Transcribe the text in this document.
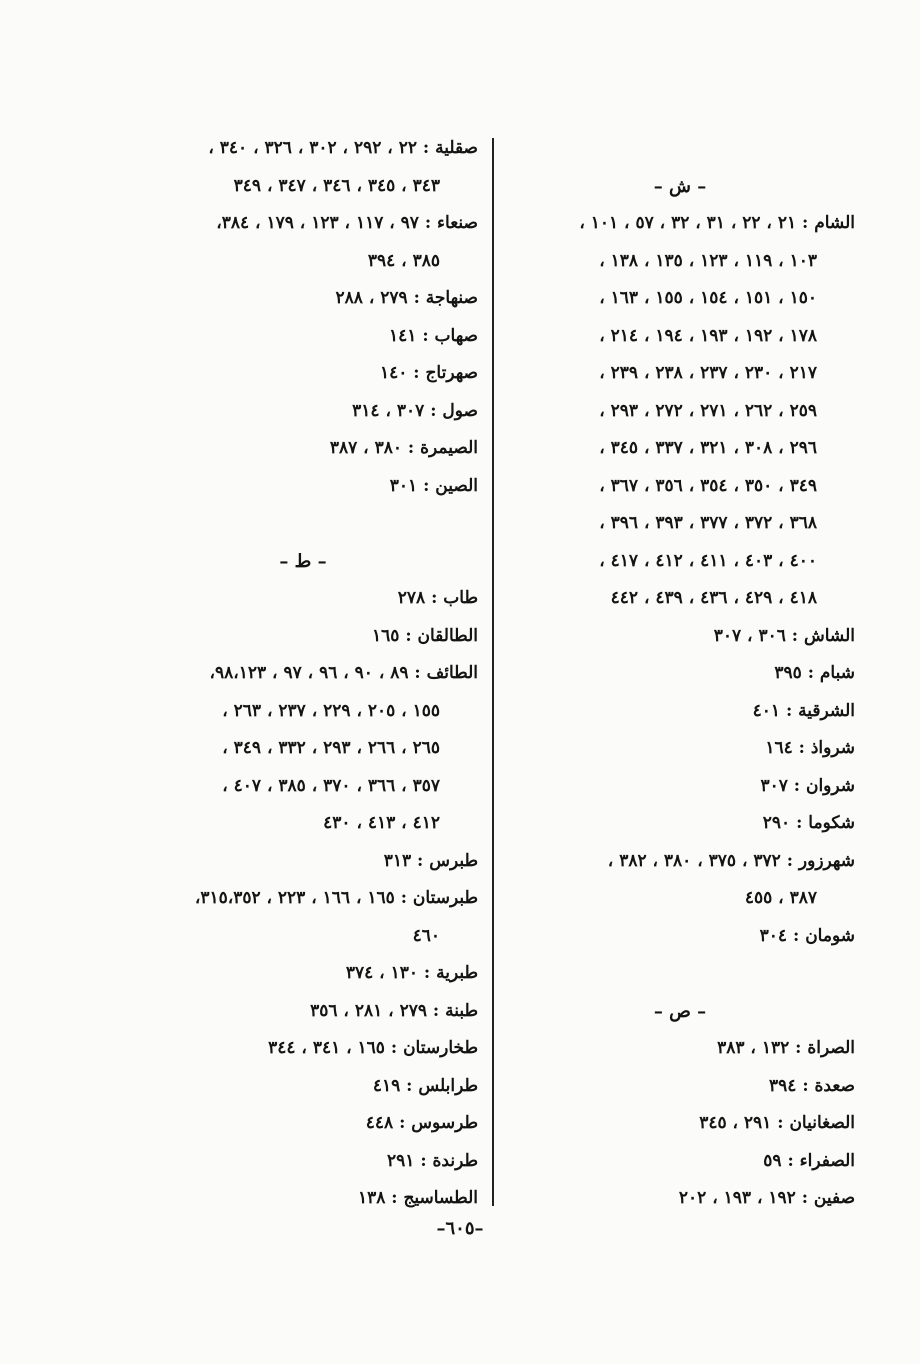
– ش –
الشام : ٢١ ، ٢٢ ، ٣١ ، ٣٢ ، ٥٧ ، ١٠١ ،
١٠٣ ، ١١٩ ، ١٢٣ ، ١٣٥ ، ١٣٨ ،
١٥٠ ، ١٥١ ، ١٥٤ ، ١٥٥ ، ١٦٣ ،
١٧٨ ، ١٩٢ ، ١٩٣ ، ١٩٤ ، ٢١٤ ،
٢١٧ ، ٢٣٠ ، ٢٣٧ ، ٢٣٨ ، ٢٣٩ ،
٢٥٩ ، ٢٦٢ ، ٢٧١ ، ٢٧٢ ، ٢٩٣ ،
٢٩٦ ، ٣٠٨ ، ٣٢١ ، ٣٣٧ ، ٣٤٥ ،
٣٤٩ ، ٣٥٠ ، ٣٥٤ ، ٣٥٦ ، ٣٦٧ ،
٣٦٨ ، ٣٧٢ ، ٣٧٧ ، ٣٩٣ ، ٣٩٦ ،
٤٠٠ ، ٤٠٣ ، ٤١١ ، ٤١٢ ، ٤١٧ ،
٤١٨ ، ٤٢٩ ، ٤٣٦ ، ٤٣٩ ، ٤٤٢
الشاش : ٣٠٦ ، ٣٠٧
شبام : ٣٩٥
الشرقية : ٤٠١
شرواذ : ١٦٤
شروان : ٣٠٧
شكوما : ٢٩٠
شهرزور : ٣٧٢ ، ٣٧٥ ، ٣٨٠ ، ٣٨٢ ،
٣٨٧ ، ٤٥٥
شومان : ٣٠٤
– ص –
الصراة : ١٣٢ ، ٣٨٣
صعدة : ٣٩٤
الصغانيان : ٢٩١ ، ٣٤٥
الصفراء : ٥٩
صفين : ١٩٢ ، ١٩٣ ، ٢٠٢
صقلية : ٢٢ ، ٢٩٢ ، ٣٠٢ ، ٣٢٦ ، ٣٤٠ ،
٣٤٣ ، ٣٤٥ ، ٣٤٦ ، ٣٤٧ ، ٣٤٩
صنعاء : ٩٧ ، ١١٧ ، ١٢٣ ، ١٧٩ ، ٣٨٤،
٣٨٥ ، ٣٩٤
صنهاجة : ٢٧٩ ، ٢٨٨
صهاب : ١٤١
صهرتاج : ١٤٠
صول : ٣٠٧ ، ٣١٤
الصيمرة : ٣٨٠ ، ٣٨٧
الصين : ٣٠١
– ط –
طاب : ٢٧٨
الطالقان : ١٦٥
الطائف : ٨٩ ، ٩٠ ، ٩٦ ، ٩٧ ، ٩٨،١٢٣،
١٥٥ ، ٢٠٥ ، ٢٢٩ ، ٢٣٧ ، ٢٦٣ ،
٢٦٥ ، ٢٦٦ ، ٢٩٣ ، ٣٣٢ ، ٣٤٩ ،
٣٥٧ ، ٣٦٦ ، ٣٧٠ ، ٣٨٥ ، ٤٠٧ ،
٤١٢ ، ٤١٣ ، ٤٣٠
طبرس : ٣١٣
طبرستان : ١٦٥ ، ١٦٦ ، ٢٢٣ ، ٣١٥،٣٥٢،
٤٦٠
طبرية : ١٣٠ ، ٣٧٤
طبنة : ٢٧٩ ، ٢٨١ ، ٣٥٦
طخارستان : ١٦٥ ، ٣٤١ ، ٣٤٤
طرابلس : ٤١٩
طرسوس : ٤٤٨
طرندة : ٢٩١
الطساسيج : ١٣٨
–٦٠٥–
